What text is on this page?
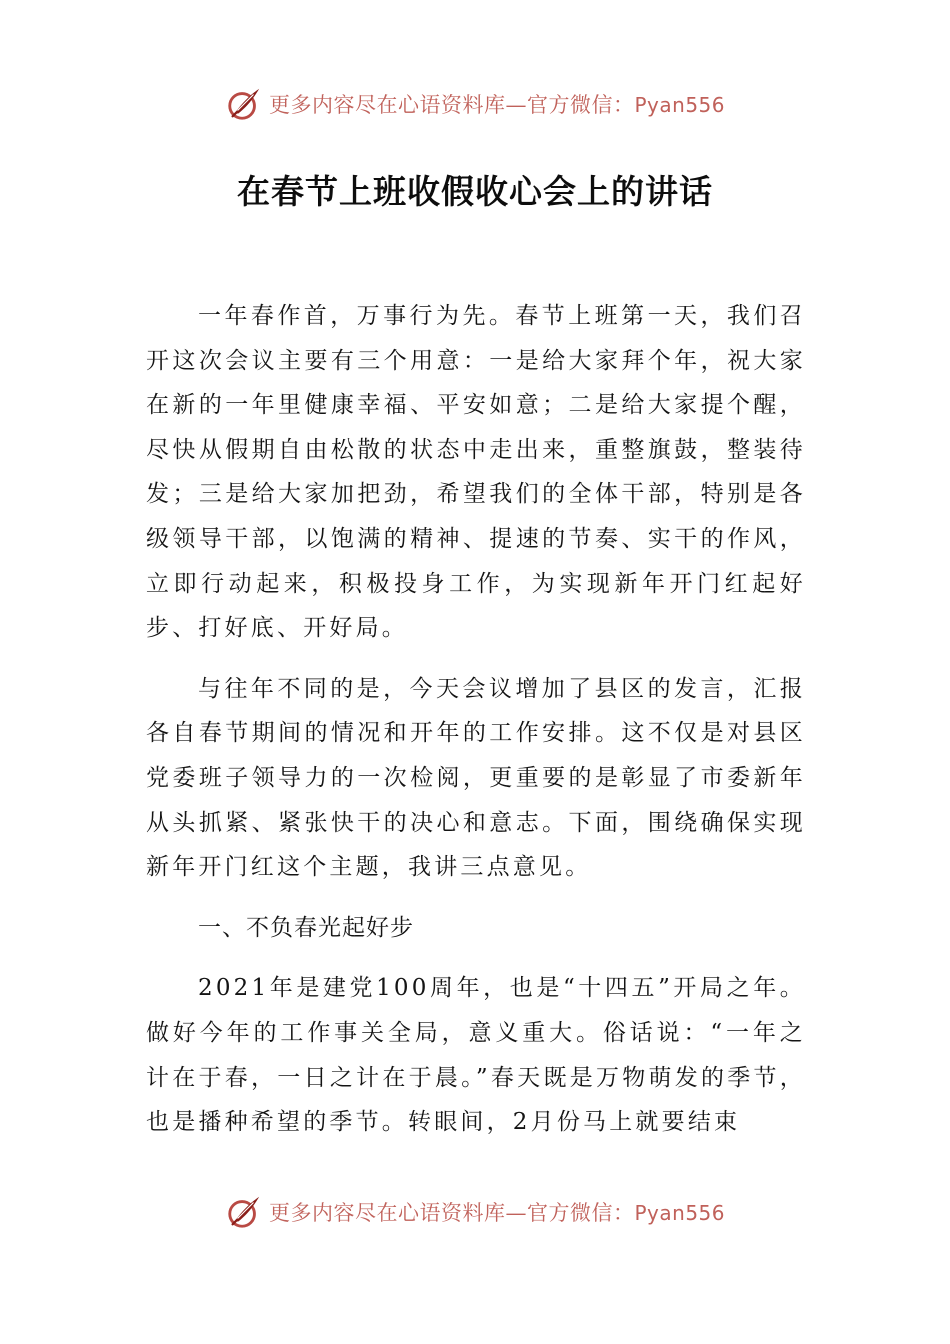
更多内容尽在心语资料库—官方微信：Pyan556
在春节上班收假收心会上的讲话

一年春作首，万事行为先。春节上班第一天，我们召开这次会议主要有三个用意：一是给大家拜个年，祝大家在新的一年里健康幸福、平安如意；二是给大家提个醒，尽快从假期自由松散的状态中走出来，重整旗鼓，整装待发；三是给大家加把劲，希望我们的全体干部，特别是各级领导干部，以饱满的精神、提速的节奏、实干的作风，立即行动起来，积极投身工作，为实现新年开门红起好步、打好底、开好局。

与往年不同的是，今天会议增加了县区的发言，汇报各自春节期间的情况和开年的工作安排。这不仅是对县区党委班子领导力的一次检阅，更重要的是彰显了市委新年从头抓紧、紧张快干的决心和意志。下面，围绕确保实现新年开门红这个主题，我讲三点意见。

一、不负春光起好步

2021年是建党100周年，也是“十四五”开局之年。做好今年的工作事关全局，意义重大。俗话说：“一年之计在于春，一日之计在于晨。”春天既是万物萌发的季节，也是播种希望的季节。转眼间，2月份马上就要结束

更多内容尽在心语资料库—官方微信：Pyan556
